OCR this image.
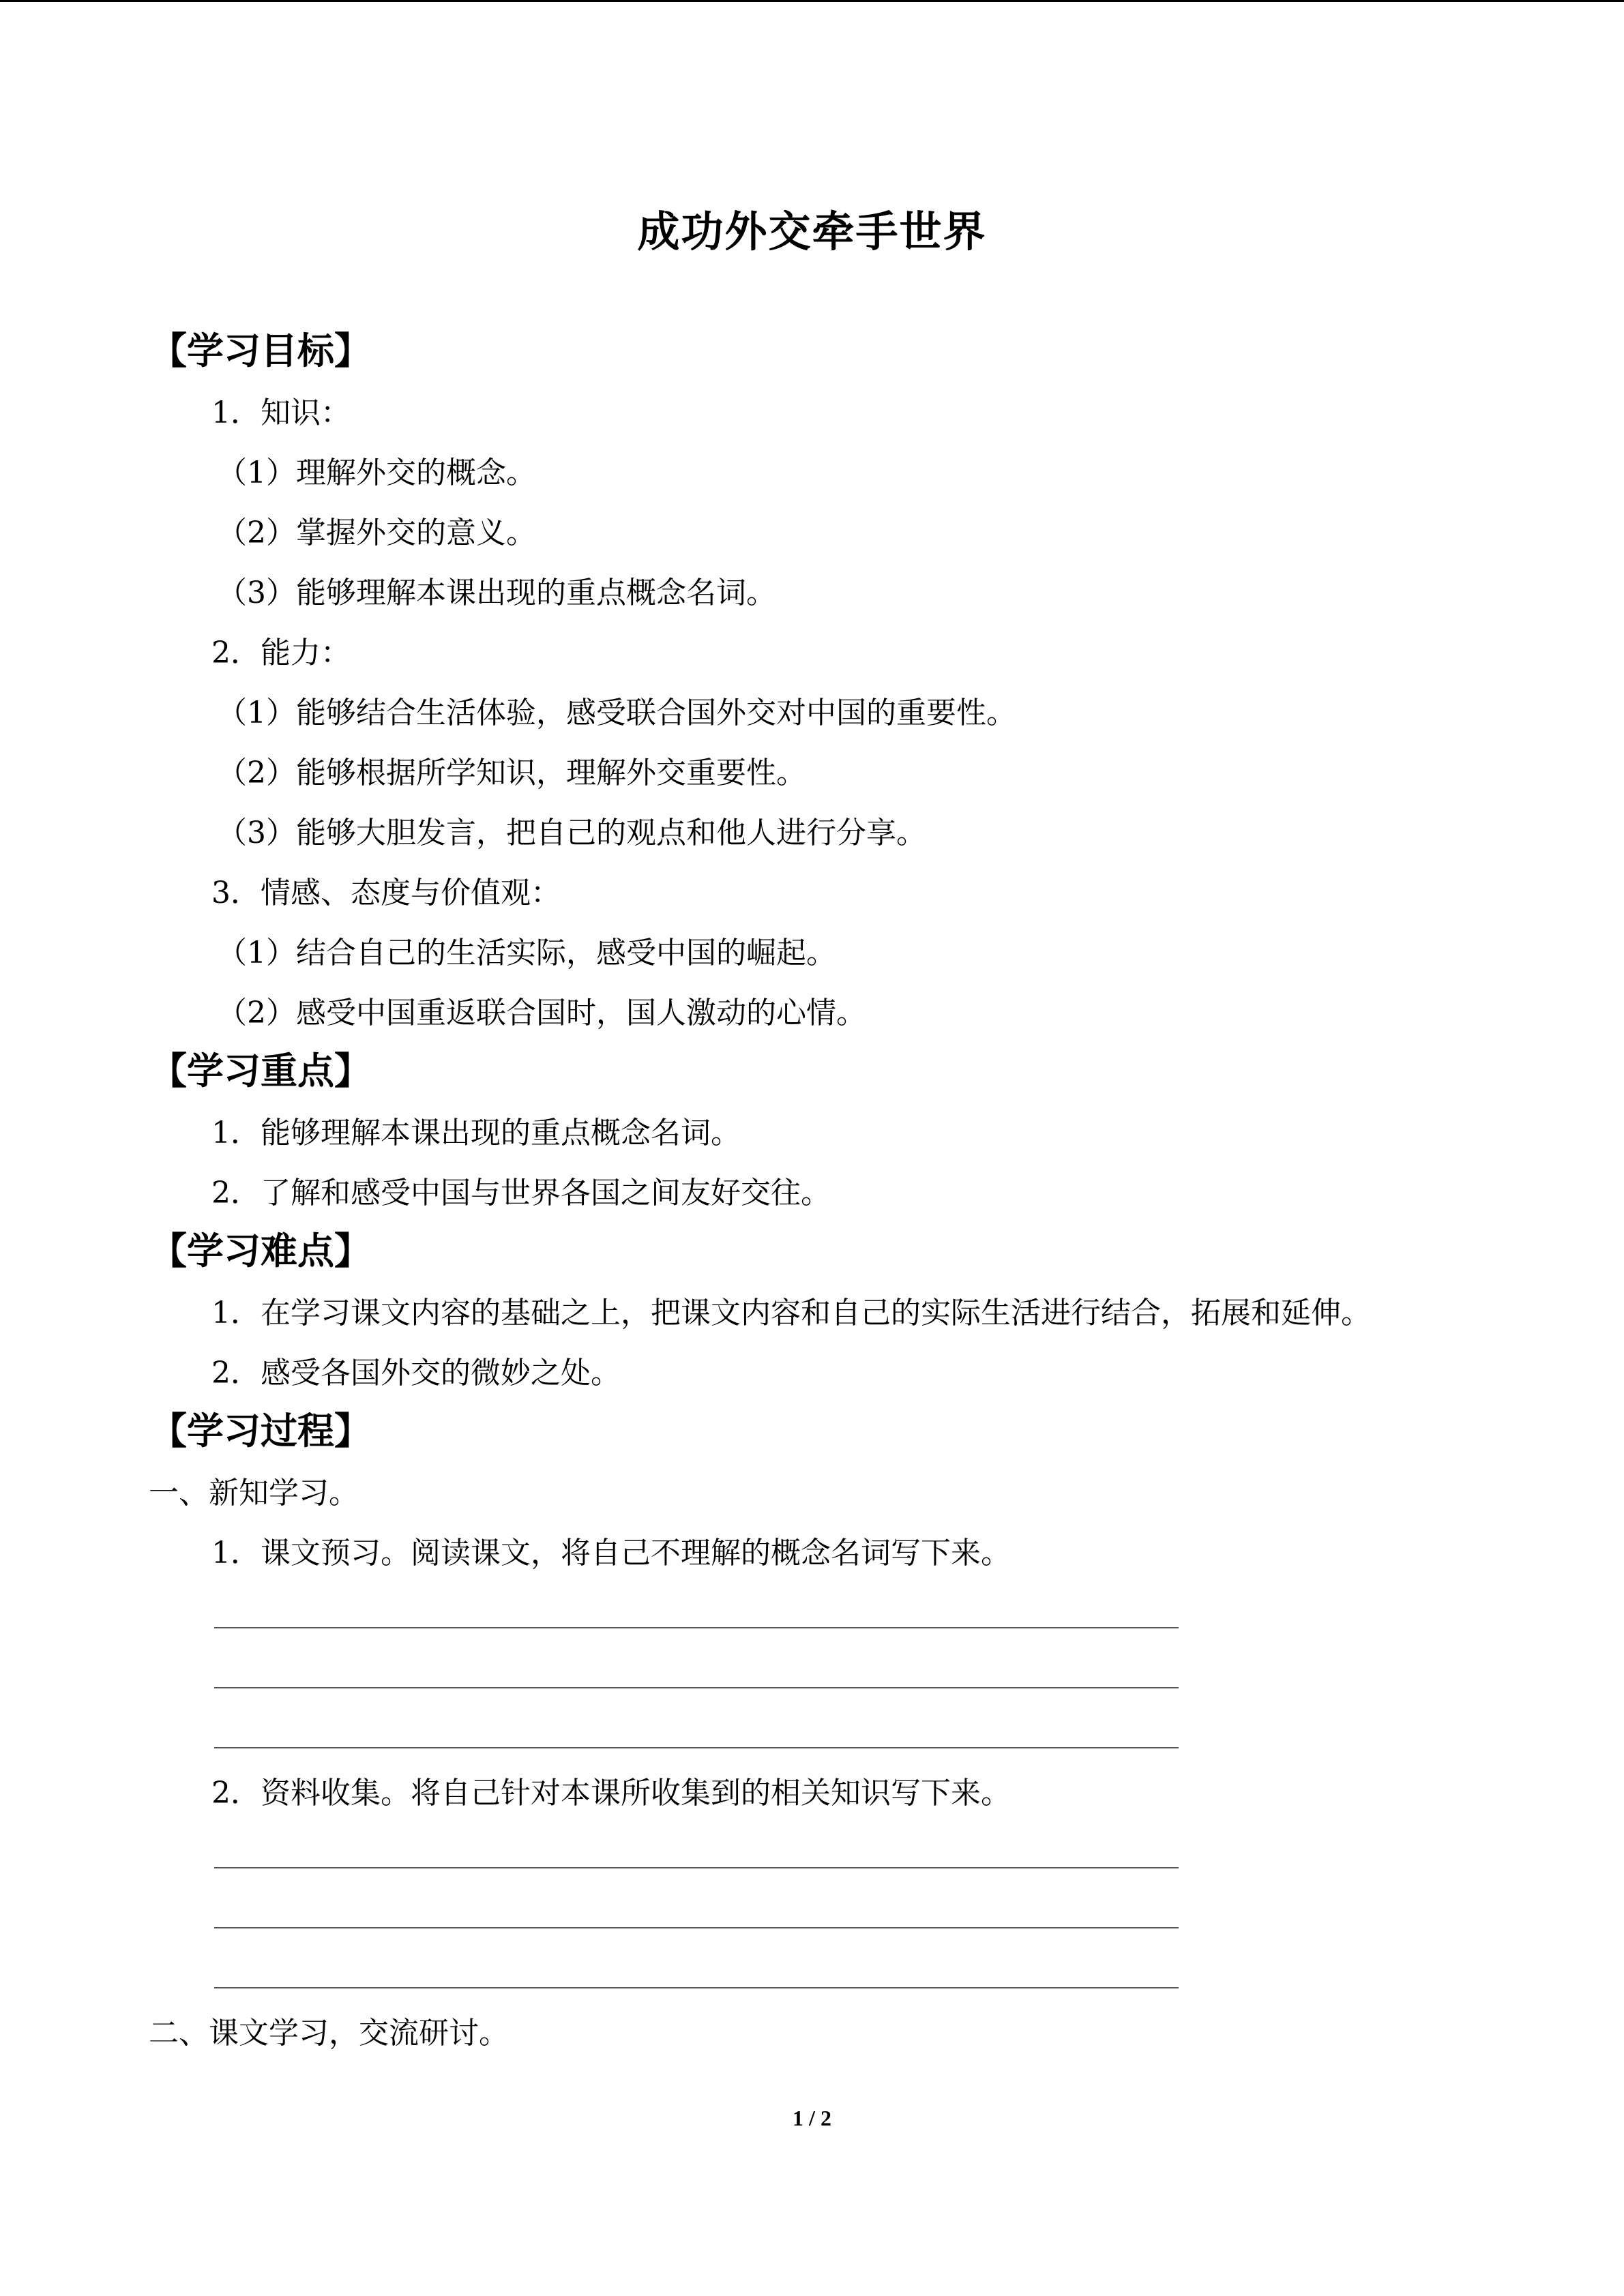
成功外交牵手世界
【学习目标】
1．知识：
（1）理解外交的概念。
（2）掌握外交的意义。
（3）能够理解本课出现的重点概念名词。
2．能力：
（1）能够结合生活体验，感受联合国外交对中国的重要性。
（2）能够根据所学知识，理解外交重要性。
（3）能够大胆发言，把自己的观点和他人进行分享。
3．情感、态度与价值观：
（1）结合自己的生活实际，感受中国的崛起。
（2）感受中国重返联合国时，国人激动的心情。
【学习重点】
1．能够理解本课出现的重点概念名词。
2．了解和感受中国与世界各国之间友好交往。
【学习难点】
1．在学习课文内容的基础之上，把课文内容和自己的实际生活进行结合，拓展和延伸。
2．感受各国外交的微妙之处。
【学习过程】
一、新知学习。
1．课文预习。阅读课文，将自己不理解的概念名词写下来。
2．资料收集。将自己针对本课所收集到的相关知识写下来。
二、课文学习，交流研讨。
1 / 2
